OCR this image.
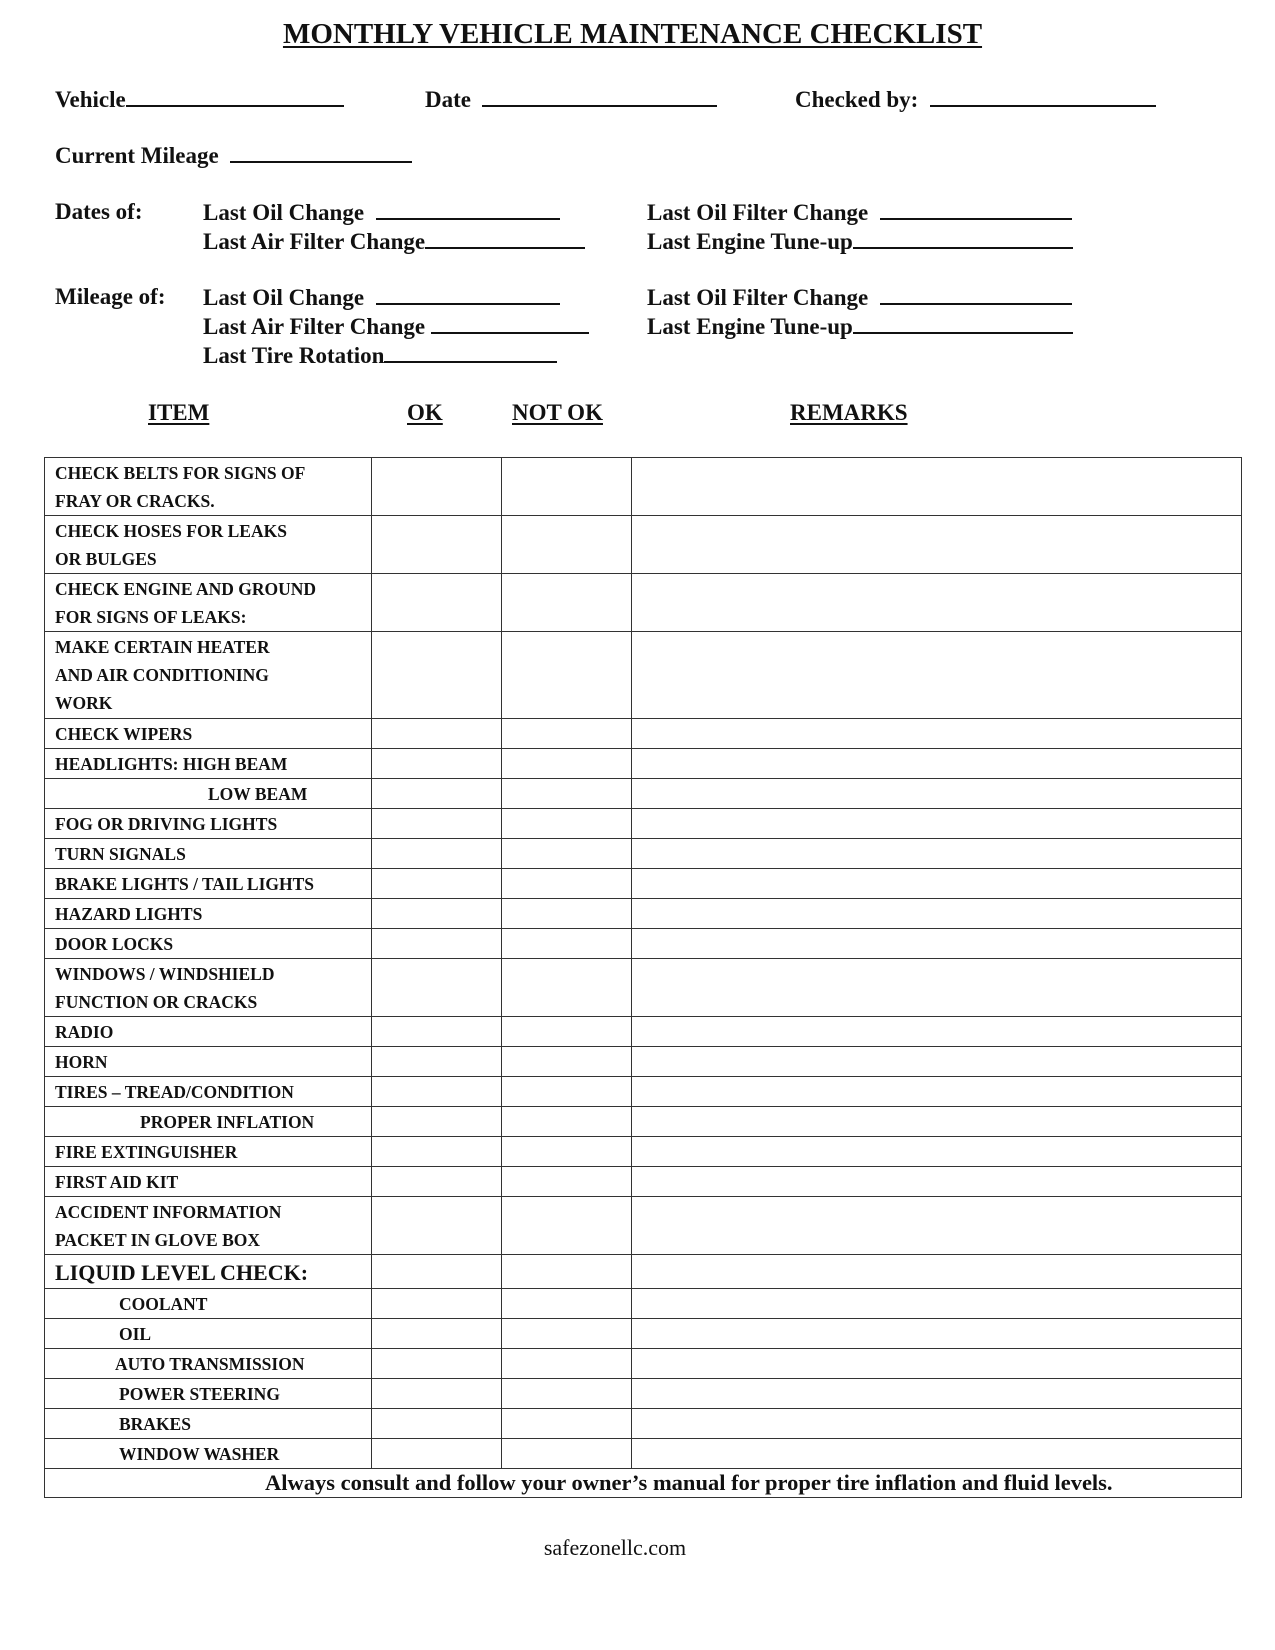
MONTHLY VEHICLE MAINTENANCE CHECKLIST
Vehicle	Date	Checked by:
Current Mileage
Dates of:	Last Oil Change
Last Air Filter Change
Last Oil Filter Change
Last Engine Tune-up
Mileage of: Last Oil Change
Last Air Filter Change
Last Tire Rotation
Last Oil Filter Change
Last Engine Tune-up
ITEM	OK	NOT OK	REMARKS
CHECK BELTS FOR SIGNS OF
FRAY OR CRACKS.			
CHECK HOSES FOR LEAKS
OR BULGES			
CHECK ENGINE AND GROUND
FOR SIGNS OF LEAKS:			
MAKE CERTAIN HEATER
AND AIR CONDITIONING
WORK			
CHECK WIPERS			
HEADLIGHTS: HIGH BEAM			
LOW BEAM			
FOG OR DRIVING LIGHTS			
TURN SIGNALS			
BRAKE LIGHTS / TAIL LIGHTS			
HAZARD LIGHTS			
DOOR LOCKS			
WINDOWS / WINDSHIELD
FUNCTION OR CRACKS			
RADIO			
HORN			
TIRES – TREAD/CONDITION			
PROPER INFLATION			
FIRE EXTINGUISHER			
FIRST AID KIT			
ACCIDENT INFORMATION
PACKET IN GLOVE BOX			
LIQUID LEVEL CHECK:			
COOLANT			
OIL			
AUTO TRANSMISSION			
POWER STEERING			
BRAKES			
WINDOW WASHER			
Always consult and follow your owner’s manual for proper tire inflation and fluid levels.			
safezonellc.com
